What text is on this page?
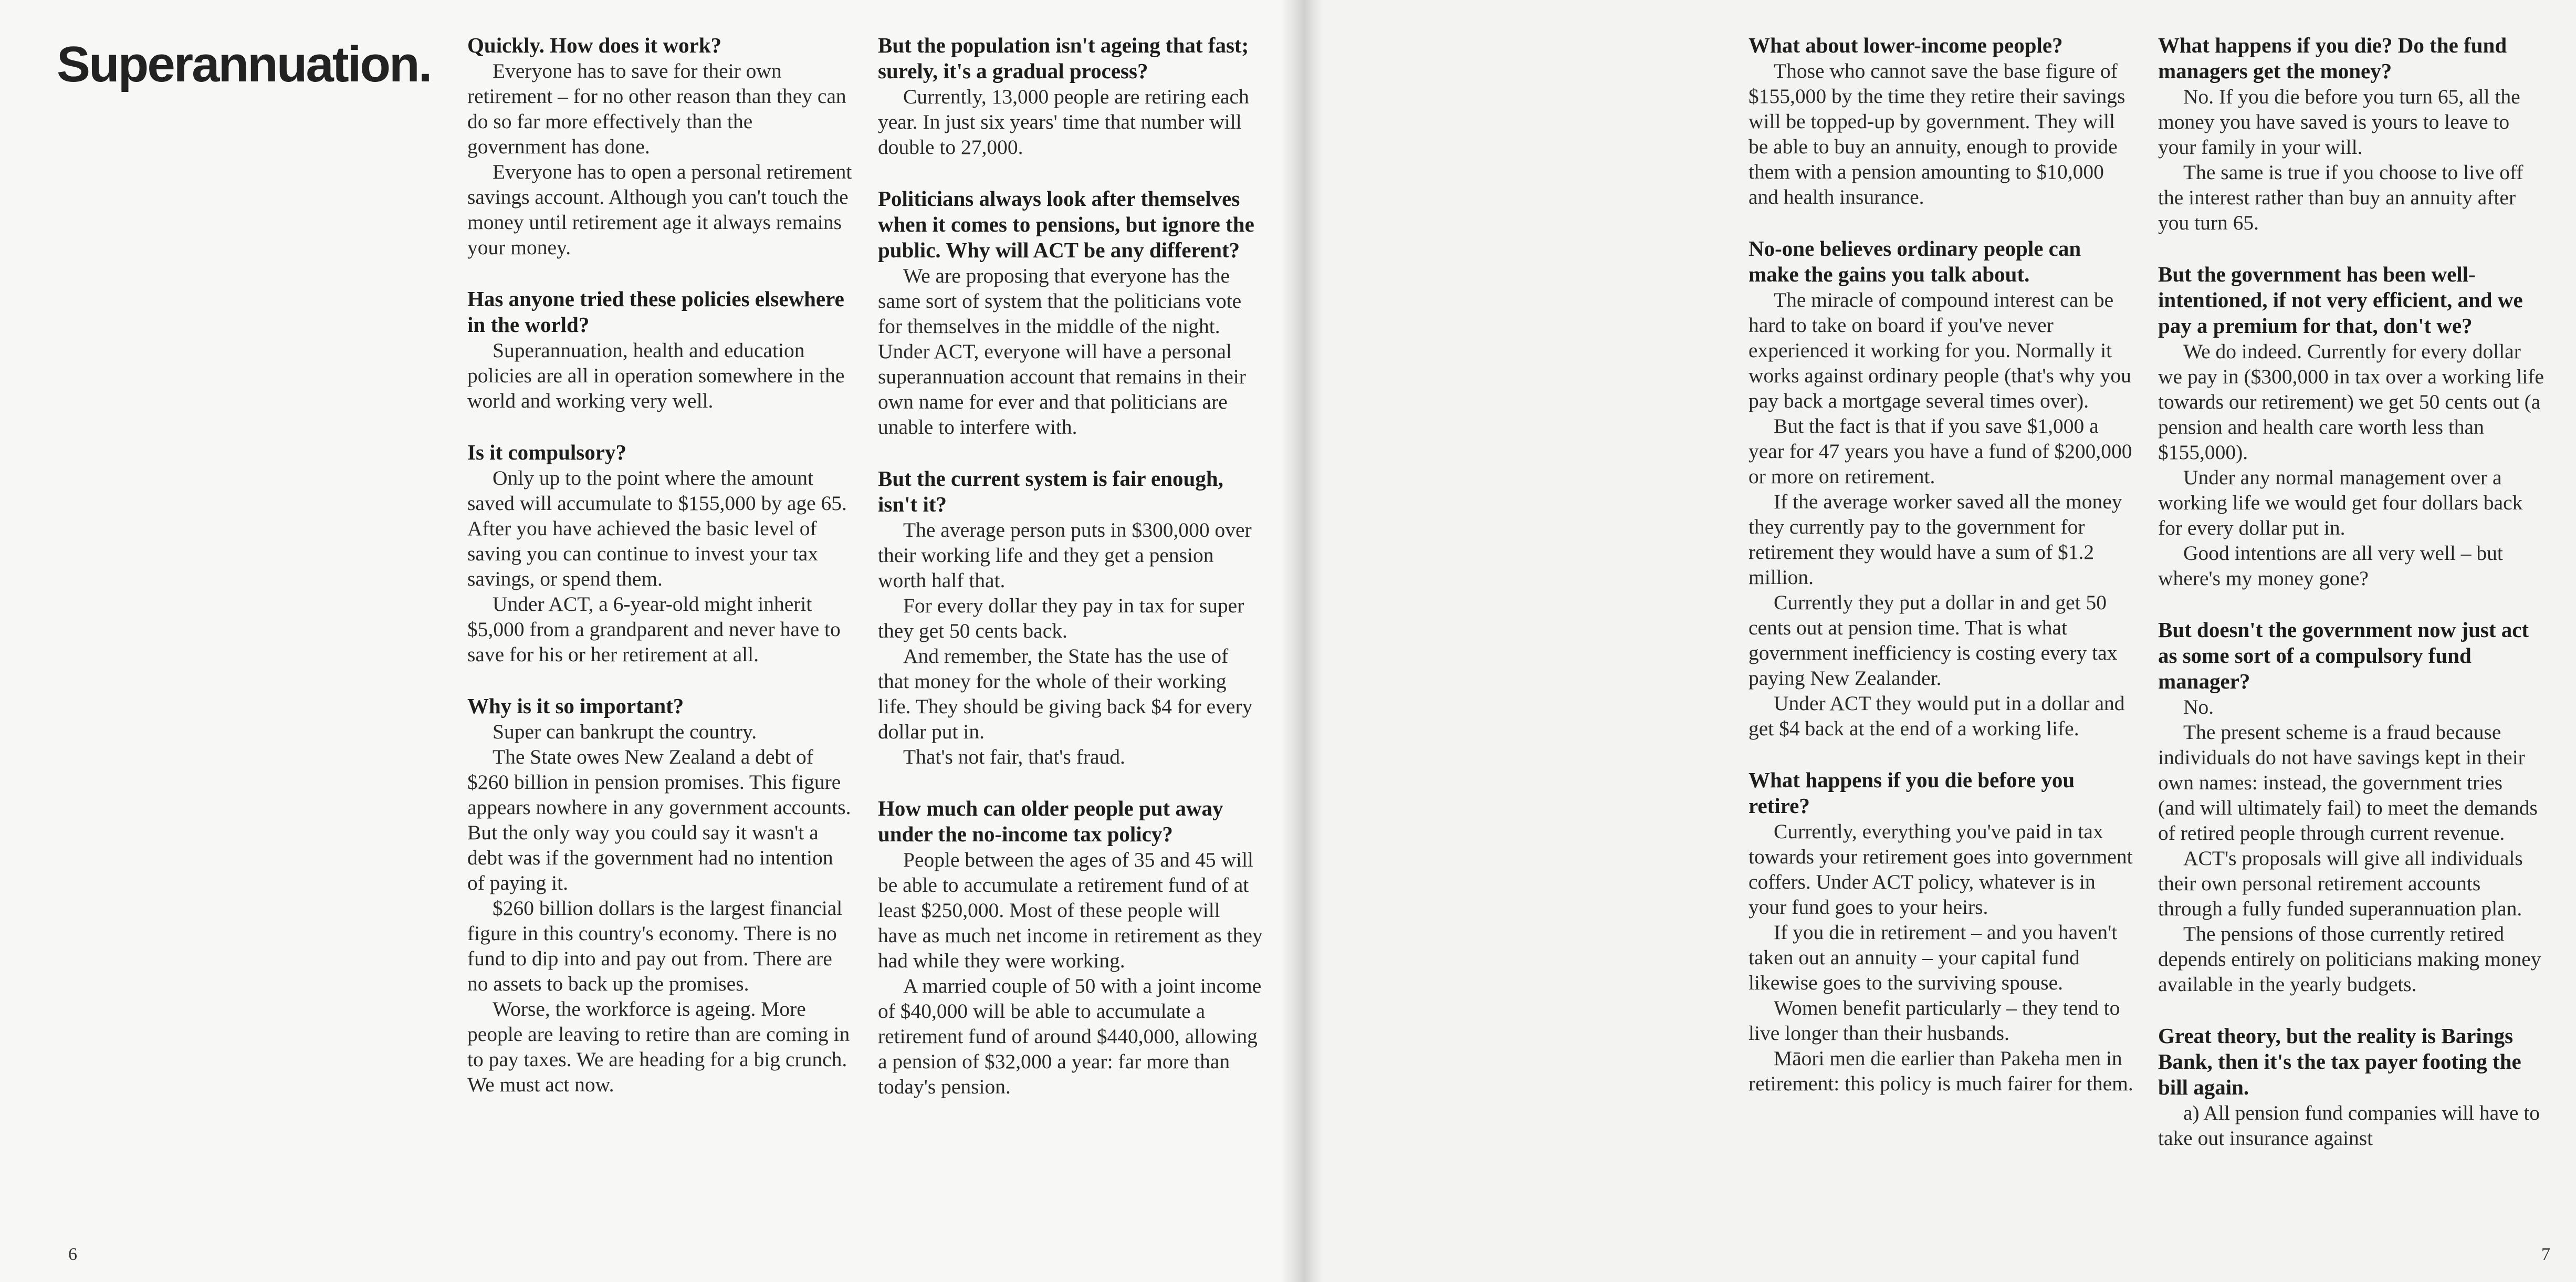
Superannuation. Quickly. How does it work?

Everyone has to save for their own retirement – for no other reason than they can do so far more effectively than the government has done.

Everyone has to open a personal retirement savings account. Although you can't touch the money until retirement age it always remains your money.

Has anyone tried these policies elsewhere in the world?

Superannuation, health and education policies are all in operation somewhere in the world and working very well.

Is it compulsory?

Only up to the point where the amount saved will accumulate to $155,000 by age 65. After you have achieved the basic level of saving you can continue to invest your tax savings, or spend them.

Under ACT, a 6-year-old might inherit $5,000 from a grandparent and never have to save for his or her retirement at all.

Why is it so important?

Super can bankrupt the country.

The State owes New Zealand a debt of $260 billion in pension promises. This figure appears nowhere in any government accounts. But the only way you could say it wasn't a debt was if the government had no intention of paying it.

$260 billion dollars is the largest financial figure in this country's economy. There is no fund to dip into and pay out from. There are no assets to back up the promises.

Worse, the workforce is ageing. More people are leaving to retire than are coming in to pay taxes. We are heading for a big crunch. We must act now.

But the population isn't ageing that fast; surely, it's a gradual process?

Currently, 13,000 people are retiring each year. In just six years' time that number will double to 27,000.

Politicians always look after themselves when it comes to pensions, but ignore the public. Why will ACT be any different?

We are proposing that everyone has the same sort of system that the politicians vote for themselves in the middle of the night. Under ACT, everyone will have a personal superannuation account that remains in their own name for ever and that politicians are unable to interfere with.

But the current system is fair enough, isn't it?

The average person puts in $300,000 over their working life and they get a pension worth half that.

For every dollar they pay in tax for super they get 50 cents back.

And remember, the State has the use of that money for the whole of their working life. They should be giving back $4 for every dollar put in.

That's not fair, that's fraud.

How much can older people put away under the no-income tax policy?

People between the ages of 35 and 45 will be able to accumulate a retirement fund of at least $250,000. Most of these people will have as much net income in retirement as they had while they were working.

A married couple of 50 with a joint income of $40,000 will be able to accumulate a retirement fund of around $440,000, allowing a pension of $32,000 a year: far more than today's pension.

6

What about lower-income people?

Those who cannot save the base figure of $155,000 by the time they retire their savings will be topped-up by government. They will be able to buy an annuity, enough to provide them with a pension amounting to $10,000 and health insurance.

No-one believes ordinary people can make the gains you talk about.

The miracle of compound interest can be hard to take on board if you've never experienced it working for you. Normally it works against ordinary people (that's why you pay back a mortgage several times over).

But the fact is that if you save $1,000 a year for 47 years you have a fund of $200,000 or more on retirement.

If the average worker saved all the money they currently pay to the government for retirement they would have a sum of $1.2 million.

Currently they put a dollar in and get 50 cents out at pension time. That is what government inefficiency is costing every tax paying New Zealander.

Under ACT they would put in a dollar and get $4 back at the end of a working life.

What happens if you die before you retire?

Currently, everything you've paid in tax towards your retirement goes into government coffers. Under ACT policy, whatever is in your fund goes to your heirs.

If you die in retirement – and you haven't taken out an annuity – your capital fund likewise goes to the surviving spouse.

Women benefit particularly – they tend to live longer than their husbands.

Māori men die earlier than Pakeha men in retirement: this policy is much fairer for them.

What happens if you die? Do the fund managers get the money?

No. If you die before you turn 65, all the money you have saved is yours to leave to your family in your will.

The same is true if you choose to live off the interest rather than buy an annuity after you turn 65.

But the government has been well-intentioned, if not very efficient, and we pay a premium for that, don't we?

We do indeed. Currently for every dollar we pay in ($300,000 in tax over a working life towards our retirement) we get 50 cents out (a pension and health care worth less than $155,000).

Under any normal management over a working life we would get four dollars back for every dollar put in.

Good intentions are all very well – but where's my money gone?

But doesn't the government now just act as some sort of a compulsory fund manager?

No.

The present scheme is a fraud because individuals do not have savings kept in their own names: instead, the government tries (and will ultimately fail) to meet the demands of retired people through current revenue.

ACT's proposals will give all individuals their own personal retirement accounts through a fully funded superannuation plan.

The pensions of those currently retired depends entirely on politicians making money available in the yearly budgets.

Great theory, but the reality is Barings Bank, then it's the tax payer footing the bill again.

a) All pension fund companies will have to take out insurance against

7
